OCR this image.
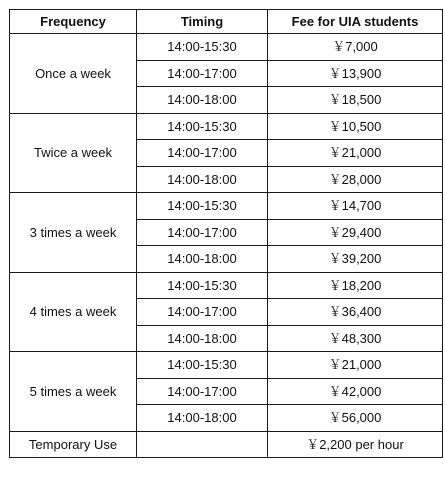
Frequency	Timing	Fee for UIA students
Once a week	14:00-15:30	￥7,000
	14:00-17:00	￥13,900
	14:00-18:00	￥18,500
Twice a week	14:00-15:30	￥10,500
	14:00-17:00	￥21,000
	14:00-18:00	￥28,000
3 times a week	14:00-15:30	￥14,700
	14:00-17:00	￥29,400
	14:00-18:00	￥39,200
4 times a week	14:00-15:30	￥18,200
	14:00-17:00	￥36,400
	14:00-18:00	￥48,300
5 times a week	14:00-15:30	￥21,000
	14:00-17:00	￥42,000
	14:00-18:00	￥56,000
Temporary Use		￥2,200 per hour
